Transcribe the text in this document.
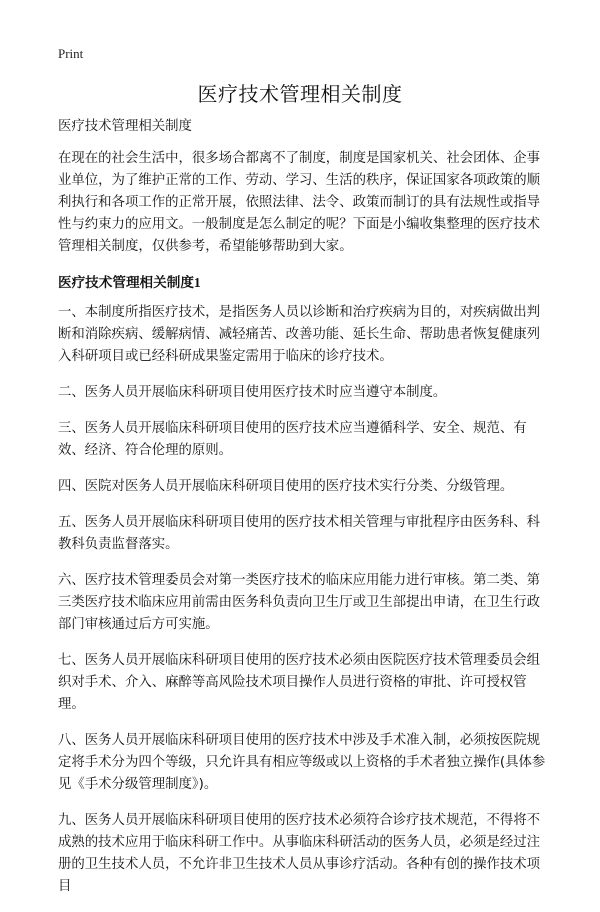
Print
医疗技术管理相关制度

医疗技术管理相关制度

在现在的社会生活中，很多场合都离不了制度，制度是国家机关、社会团体、企事业单位，为了维护正常的工作、劳动、学习、生活的秩序，保证国家各项政策的顺利执行和各项工作的正常开展，依照法律、法令、政策而制订的具有法规性或指导性与约束力的应用文。一般制度是怎么制定的呢？下面是小编收集整理的医疗技术管理相关制度，仅供参考，希望能够帮助到大家。

医疗技术管理相关制度1

一、本制度所指医疗技术，是指医务人员以诊断和治疗疾病为目的，对疾病做出判断和消除疾病、缓解病情、减轻痛苦、改善功能、延长生命、帮助患者恢复健康列入科研项目或已经科研成果鉴定需用于临床的诊疗技术。

二、医务人员开展临床科研项目使用医疗技术时应当遵守本制度。

三、医务人员开展临床科研项目使用的医疗技术应当遵循科学、安全、规范、有效、经济、符合伦理的原则。

四、医院对医务人员开展临床科研项目使用的医疗技术实行分类、分级管理。

五、医务人员开展临床科研项目使用的医疗技术相关管理与审批程序由医务科、科教科负责监督落实。

六、医疗技术管理委员会对第一类医疗技术的临床应用能力进行审核。第二类、第三类医疗技术临床应用前需由医务科负责向卫生厅或卫生部提出申请，在卫生行政部门审核通过后方可实施。

七、医务人员开展临床科研项目使用的医疗技术必须由医院医疗技术管理委员会组织对手术、介入、麻醉等高风险技术项目操作人员进行资格的审批、许可授权管理。

八、医务人员开展临床科研项目使用的医疗技术中涉及手术准入制，必须按医院规定将手术分为四个等级，只允许具有相应等级或以上资格的手术者独立操作(具体参见《手术分级管理制度》)。

九、医务人员开展临床科研项目使用的医疗技术必须符合诊疗技术规范，不得将不成熟的技术应用于临床科研工作中。从事临床科研活动的医务人员，必须是经过注册的卫生技术人员，不允许非卫生技术人员从事诊疗活动。各种有创的操作技术项目
